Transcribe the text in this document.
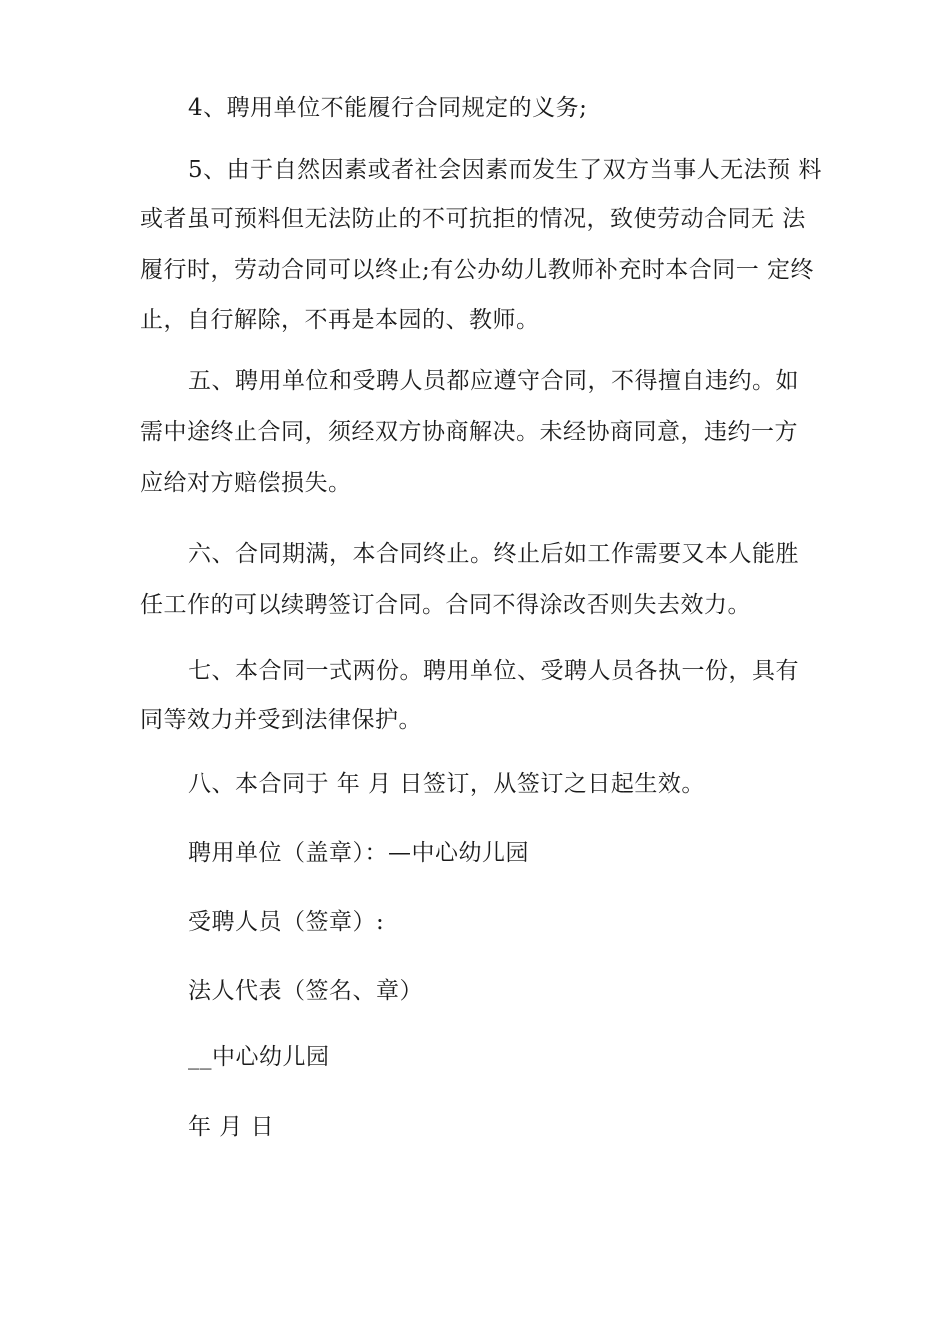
4、聘用单位不能履行合同规定的义务;
5、由于自然因素或者社会因素而发生了双方当事人无法预 料
或者虽可预料但无法防止的不可抗拒的情况，致使劳动合同无 法
履行时，劳动合同可以终止;有公办幼儿教师补充时本合同一 定终
止，自行解除，不再是本园的、教师。
五、聘用单位和受聘人员都应遵守合同，不得擅自违约。如
需中途终止合同，须经双方协商解决。未经协商同意，违约一方
应给对方赔偿损失。
六、合同期满，本合同终止。终止后如工作需要又本人能胜
任工作的可以续聘签订合同。合同不得涂改否则失去效力。
七、本合同一式两份。聘用单位、受聘人员各执一份，具有
同等效力并受到法律保护。
八、本合同于 年 月 日签订，从签订之日起生效。
聘用单位（盖章）：—中心幼儿园
受聘人员（签章）:
法人代表（签名、章）
__中心幼儿园
年 月 日
